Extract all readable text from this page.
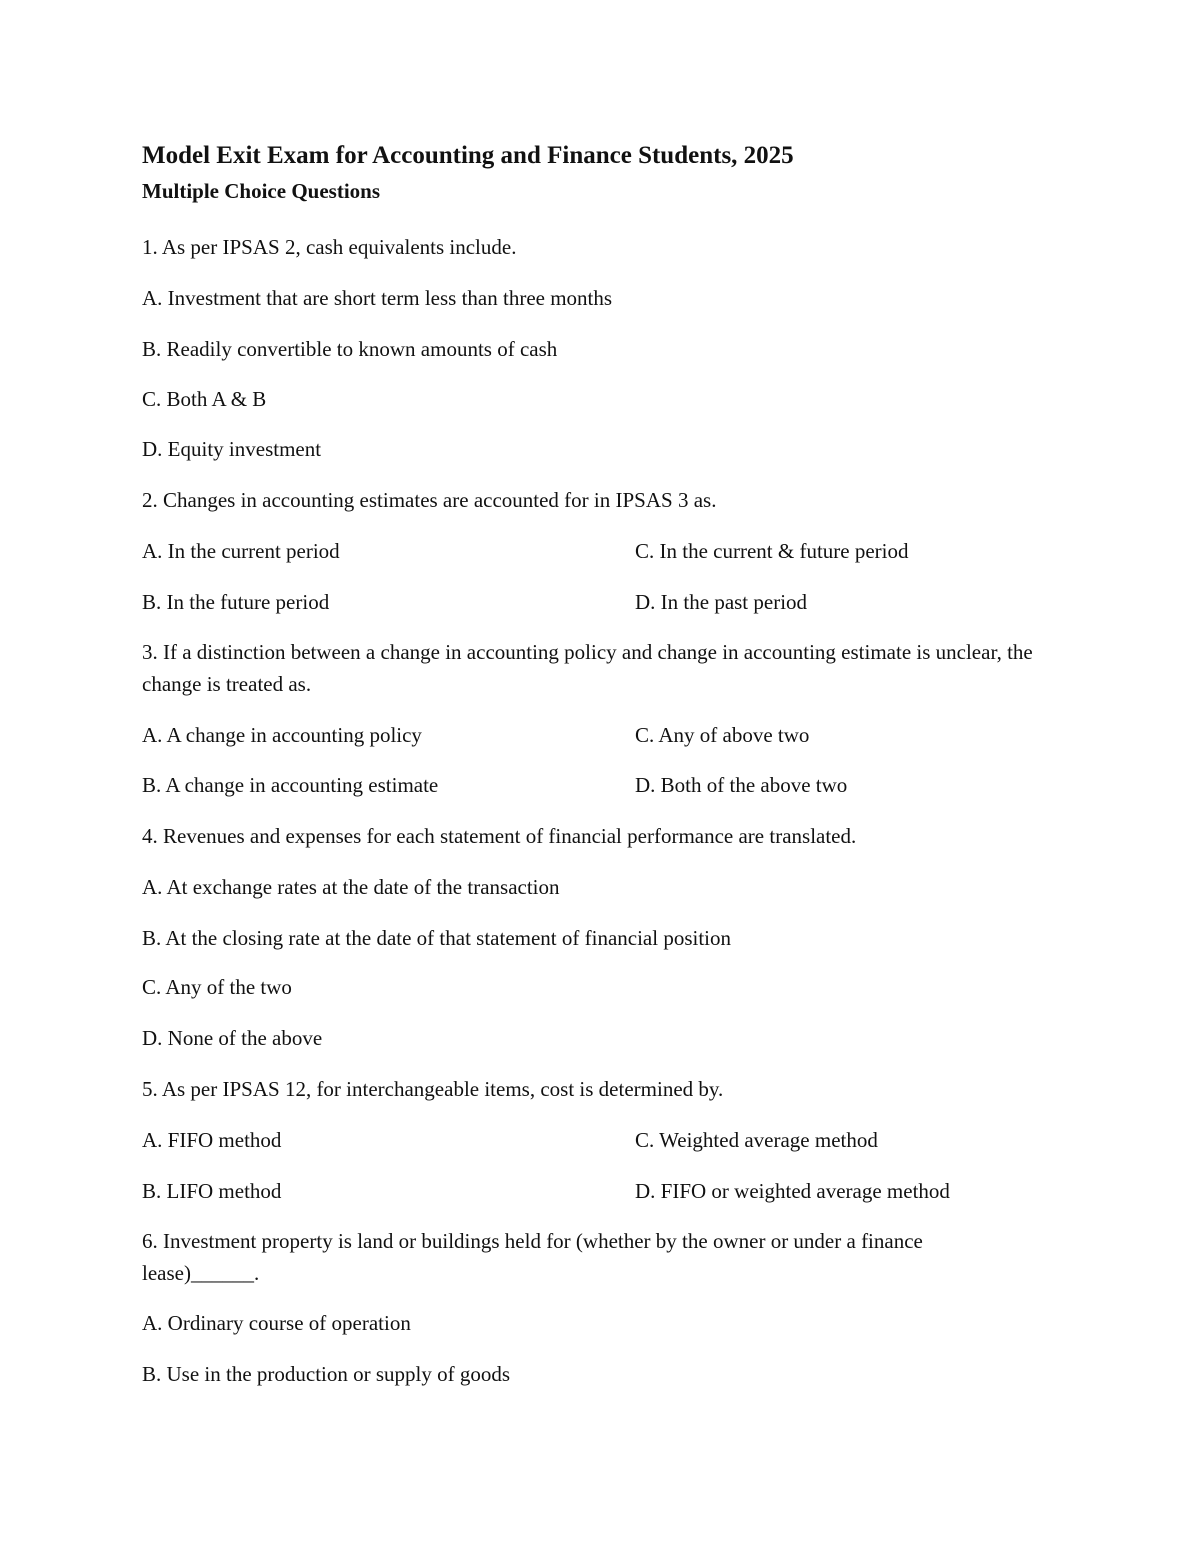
Model Exit Exam for Accounting and Finance Students, 2025
Multiple Choice Questions

1. As per IPSAS 2, cash equivalents include.

A. Investment that are short term less than three months

B. Readily convertible to known amounts of cash

C. Both A & B

D. Equity investment

2. Changes in accounting estimates are accounted for in IPSAS 3 as.

A. In the current period	C. In the current & future period

B. In the future period	D. In the past period

3. If a distinction between a change in accounting policy and change in accounting estimate is unclear, the change is treated as.

A. A change in accounting policy	C. Any of above two

B. A change in accounting estimate	D. Both of the above two

4. Revenues and expenses for each statement of financial performance are translated.

A. At exchange rates at the date of the transaction

B. At the closing rate at the date of that statement of financial position

C. Any of the two

D. None of the above

5. As per IPSAS 12, for interchangeable items, cost is determined by.

A. FIFO method	C. Weighted average method

B. LIFO method	D. FIFO or weighted average method

6. Investment property is land or buildings held for (whether by the owner or under a finance lease)______.

A. Ordinary course of operation

B. Use in the production or supply of goods
